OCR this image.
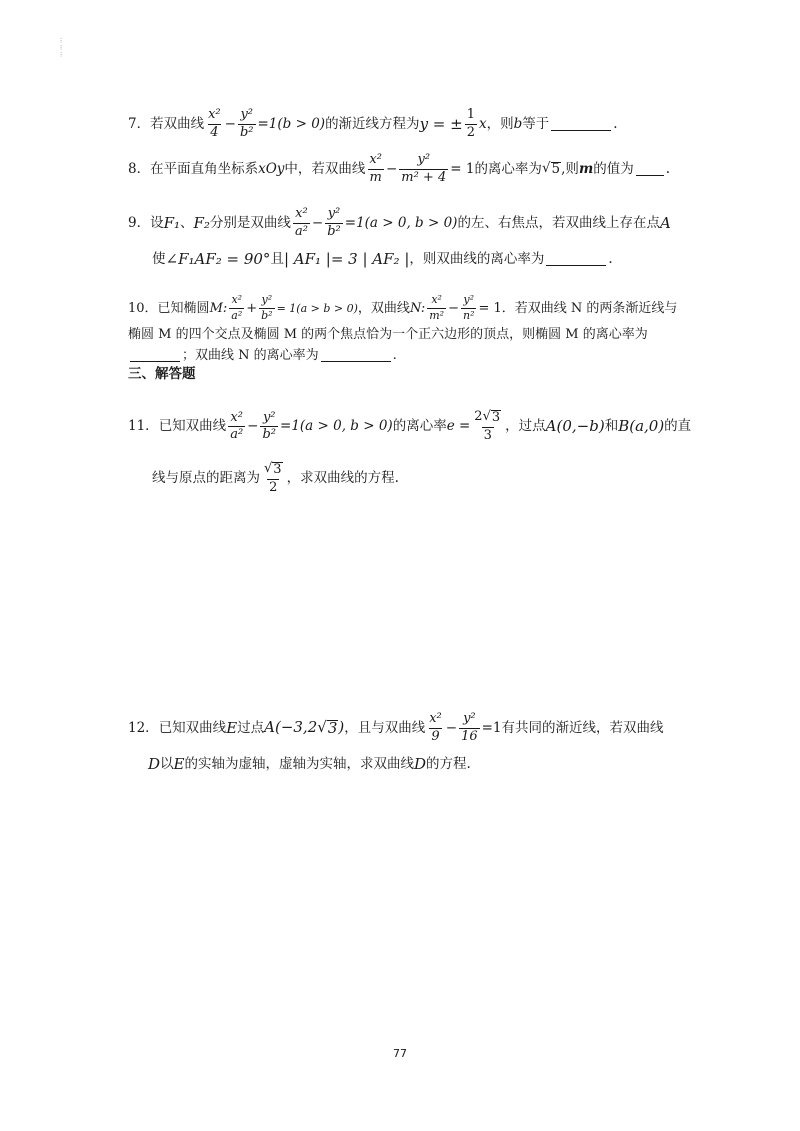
⁝
⁝
⁝
7． 若双曲线 $\frac{\text{x²}}{4} - \frac{\text{y²}}{\text{b²}} =1(b > 0)$ 的渐近线方程为 y = ± $\frac{1}{2}$ x ，则 b 等于	.
8． 在平面直角坐标系 xOy 中，若双曲线 $\frac{\text{x²}}{m} - \frac{\text{y²}}{\text{m² + 4}} = 1$ 的离心率为 √ 5 ,则 m 的值为 .
9． 设 F₁ 、 F₂ 分别是双曲线 $\frac{\text{x²}}{\text{a²}} - \frac{\text{y²}}{\text{b²}} =1(a > 0$, b > 0) 的左、右焦点，若双曲线上存在点 A
使 ∠F₁AF₂ = 90° 且 | AF₁ |= 3 | AF₂ | ，则双曲线的离心率为	.
10． 已知椭圆 M: $\frac{\text{x²}}{\text{a²}} + \frac{\text{y²}}{\text{b²}} = 1(a > b > 0)$ ，双曲线 N: $\frac{\text{x²}}{\text{m²}} - \frac{\text{y²}}{\text{n²}} = 1$ ．若双曲线 N 的两条渐近线与
椭圆 M 的四个交点及椭圆 M 的两个焦点恰为一个正六边形的顶点，则椭圆 M 的离心率为
；双曲线 N 的离心率为	.
三、解答题
11． 已知双曲线 $\frac{\text{x²}}{\text{a²}} - \frac{\text{y²}}{\text{b²}} =1(a > 0$, b > 0) 的离心率 $e = \frac{2√ 3}{3}$ ，过点 A(0,−b) 和 B(a,0) 的直
线与原点的距离为 $\frac{√ 3}{2}$ ，求双曲线的方程.
12． 已知双曲线 E 过点 A(−3,2√ 3 ) ，且与双曲线 $\frac{\text{x²}}{9} - \frac{\text{y²}}{16} =1$ 有共同的渐近线，若双曲线
D 以 E 的实轴为虚轴，虚轴为实轴，求双曲线 D 的方程.
77
